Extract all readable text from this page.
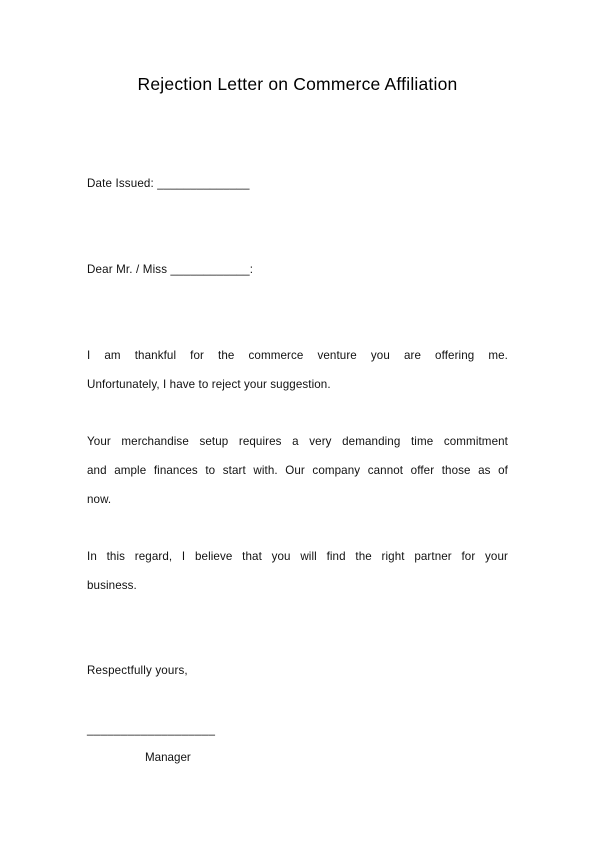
Rejection Letter on Commerce Affiliation
Date Issued: ______________
Dear Mr. / Miss ____________:
I am thankful for the commerce venture you are offering me.
Unfortunately, I have to reject your suggestion.
Your merchandise setup requires a very demanding time commitment
and ample finances to start with. Our company cannot offer those as of
now.
In this regard, I believe that you will find the right partner for your
business.
Respectfully yours,
___________________
Manager
